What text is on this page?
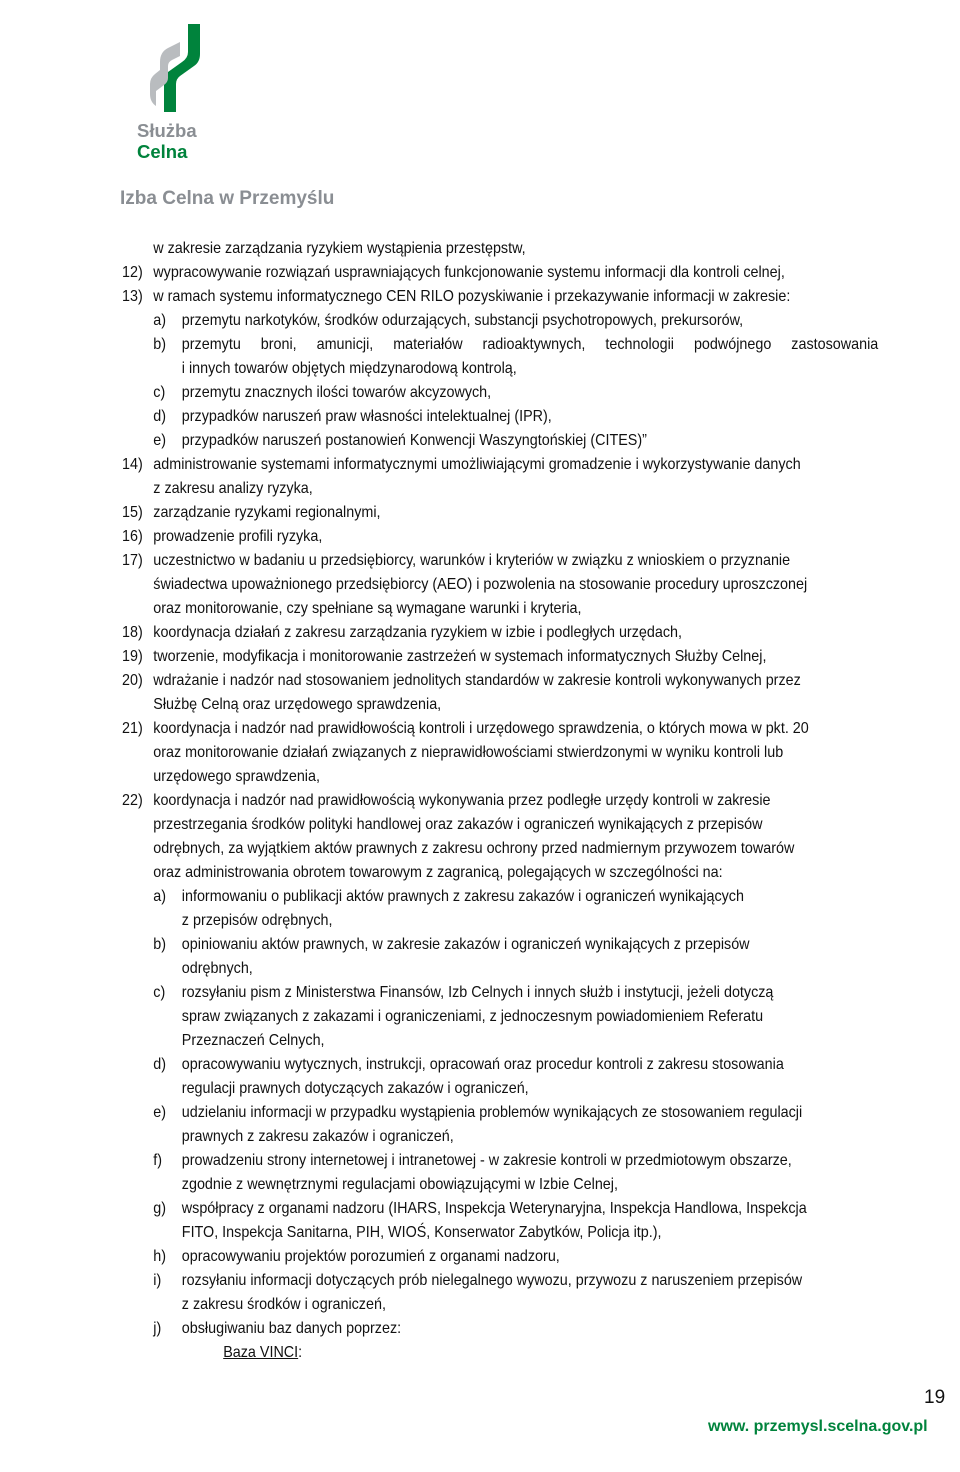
Służba
Celna
Izba Celna w Przemyślu
w zakresie zarządzania ryzykiem wystąpienia przestępstw,
12) wypracowywanie rozwiązań usprawniających funkcjonowanie systemu informacji dla kontroli celnej,
13) w ramach systemu informatycznego CEN RILO pozyskiwanie i przekazywanie informacji w zakresie:
a)	przemytu narkotyków, środków odurzających, substancji psychotropowych, prekursorów,
b)	przemytu broni, amunicji, materiałów radioaktywnych, technologii podwójnego zastosowania
i innych towarów objętych międzynarodową kontrolą,
c)	przemytu znacznych ilości towarów akcyzowych,
d)	przypadków naruszeń praw własności intelektualnej (IPR),
e)	przypadków naruszeń postanowień Konwencji Waszyngtońskiej (CITES)”
14) administrowanie systemami informatycznymi umożliwiającymi gromadzenie i wykorzystywanie danych
z zakresu analizy ryzyka,
15) zarządzanie ryzykami regionalnymi,
16) prowadzenie profili ryzyka,
17) uczestnictwo w badaniu u przedsiębiorcy, warunków i kryteriów w związku z wnioskiem o przyznanie
świadectwa upoważnionego przedsiębiorcy (AEO) i pozwolenia na stosowanie procedury uproszczonej
oraz monitorowanie, czy spełniane są wymagane warunki i kryteria,
18) koordynacja działań z zakresu zarządzania ryzykiem w izbie i podległych urzędach,
19) tworzenie, modyfikacja i monitorowanie zastrzeżeń w systemach informatycznych Służby Celnej,
20) wdrażanie i nadzór nad stosowaniem jednolitych standardów w zakresie kontroli wykonywanych przez
Służbę Celną oraz urzędowego sprawdzenia,
21) koordynacja i nadzór nad prawidłowością kontroli i urzędowego sprawdzenia, o których mowa w pkt. 20
oraz monitorowanie działań związanych z nieprawidłowościami stwierdzonymi w wyniku kontroli lub
urzędowego sprawdzenia,
22) koordynacja i nadzór nad prawidłowością wykonywania przez podległe urzędy kontroli w zakresie
przestrzegania środków polityki handlowej oraz zakazów i ograniczeń wynikających z przepisów
odrębnych, za wyjątkiem aktów prawnych z zakresu ochrony przed nadmiernym przywozem towarów
oraz administrowania obrotem towarowym z zagranicą, polegających w szczególności na:
a)	informowaniu o publikacji aktów prawnych z zakresu zakazów i ograniczeń wynikających
z przepisów odrębnych,
b)	opiniowaniu aktów prawnych, w zakresie zakazów i ograniczeń wynikających z przepisów
odrębnych,
c)	rozsyłaniu pism z Ministerstwa Finansów, Izb Celnych i innych służb i instytucji, jeżeli dotyczą
spraw związanych z zakazami i ograniczeniami, z jednoczesnym powiadomieniem Referatu
Przeznaczeń Celnych,
d)	opracowywaniu wytycznych, instrukcji, opracowań oraz procedur kontroli z zakresu stosowania
regulacji prawnych dotyczących zakazów i ograniczeń,
e)	udzielaniu informacji w przypadku wystąpienia problemów wynikających ze stosowaniem regulacji
prawnych z zakresu zakazów i ograniczeń,
f)	prowadzeniu strony internetowej i intranetowej - w zakresie kontroli w przedmiotowym obszarze,
zgodnie z wewnętrznymi regulacjami obowiązującymi w Izbie Celnej,
g)	współpracy z organami nadzoru (IHARS, Inspekcja Weterynaryjna, Inspekcja Handlowa, Inspekcja
FITO, Inspekcja Sanitarna, PIH, WIOŚ, Konserwator Zabytków, Policja itp.),
h)	opracowywaniu projektów porozumień z organami nadzoru,
i)	rozsyłaniu informacji dotyczących prób nielegalnego wywozu, przywozu z naruszeniem przepisów
z zakresu środków i ograniczeń,
j)	obsługiwaniu baz danych poprzez:
Baza VINCI:
19
www. przemysl.scelna.gov.pl
